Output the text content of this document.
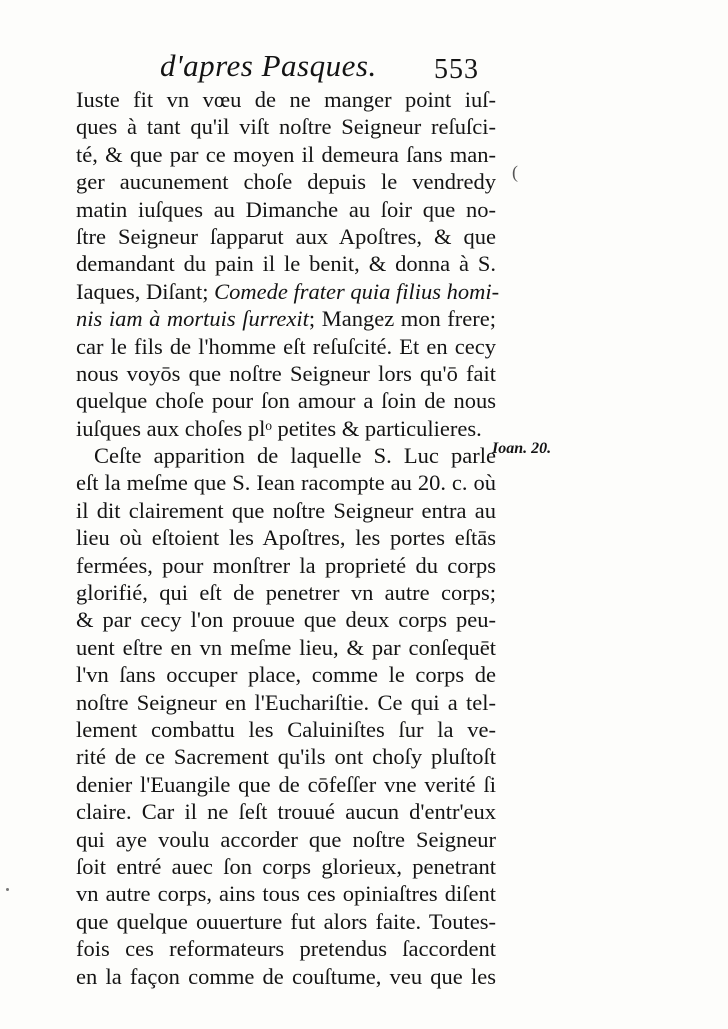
d'apres Pasques. 553
(
Iuste fit vn vœu de ne manger point iuſ-
ques à tant qu'il viſt noſtre Seigneur reſuſci-
té, & que par ce moyen il demeura ſans man-
ger aucunement choſe depuis le vendredy
matin iuſques au Dimanche au ſoir que no-
ſtre Seigneur ſapparut aux Apoſtres, & que
demandant du pain il le benit, & donna à S.
Iaques, Diſant; Comede frater quia filius homi-
nis iam à mortuis ſurrexit; Mangez mon frere;
car le fils de l'homme eſt reſuſcité. Et en cecy
nous voyōs que noſtre Seigneur lors qu'ō fait
quelque choſe pour ſon amour a ſoin de nous
iuſques aux choſes plᵒ petites & particulieres.
Ceſte apparition de laquelle S. Luc parle
eſt la meſme que S. Iean racompte au 20. c. où
il dit clairement que noſtre Seigneur entra au
lieu où eſtoient les Apoſtres, les portes eſtās
fermées, pour monſtrer la proprieté du corps
glorifié, qui eſt de penetrer vn autre corps;
& par cecy l'on prouue que deux corps peu-
uent eſtre en vn meſme lieu, & par conſequēt
l'vn ſans occuper place, comme le corps de
noſtre Seigneur en l'Euchariſtie. Ce qui a tel-
lement combattu les Caluiniſtes ſur la ve-
rité de ce Sacrement qu'ils ont choſy pluſtoſt
denier l'Euangile que de cōfeſſer vne verité ſi
claire. Car il ne ſeſt trouué aucun d'entr'eux
qui aye voulu accorder que noſtre Seigneur
ſoit entré auec ſon corps glorieux, penetrant
vn autre corps, ains tous ces opiniaſtres diſent
que quelque ouuerture fut alors faite. Toutes-
fois ces reformateurs pretendus ſaccordent
en la façon comme de couſtume, veu que les
Ioan. 20.
